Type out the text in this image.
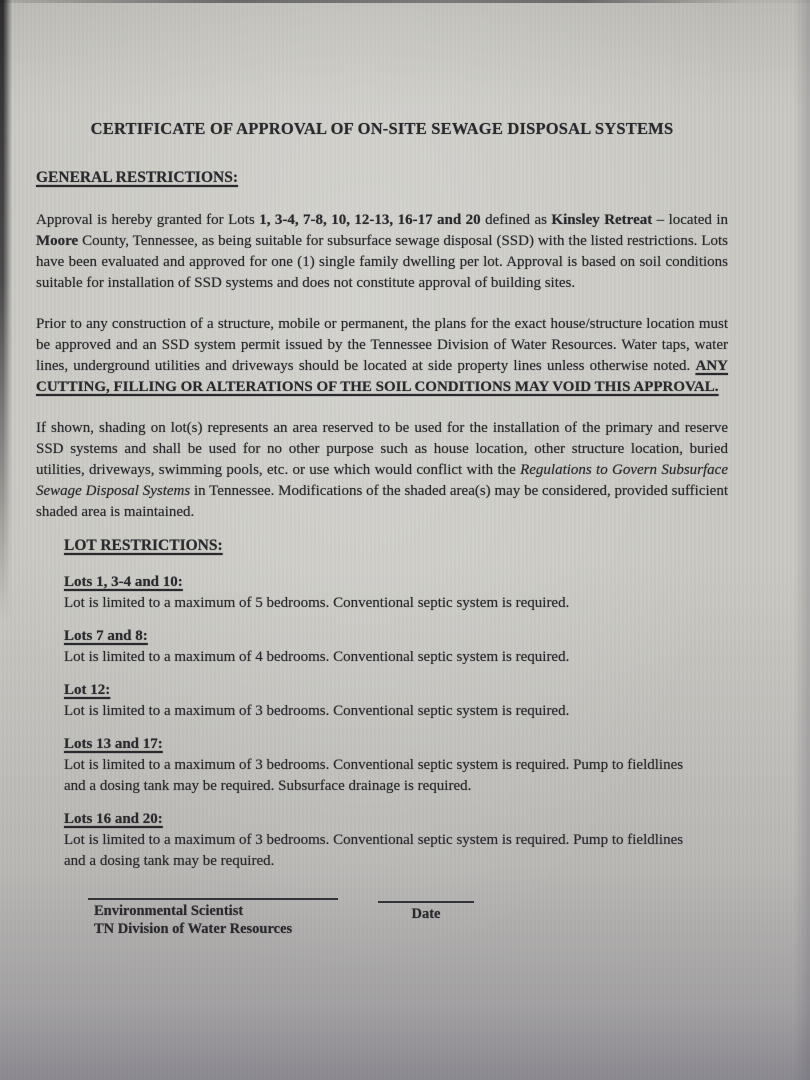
CERTIFICATE OF APPROVAL OF ON-SITE SEWAGE DISPOSAL SYSTEMS
GENERAL RESTRICTIONS:

Approval is hereby granted for Lots 1, 3-4, 7-8, 10, 12-13, 16-17 and 20 defined as Kinsley Retreat – located in Moore County, Tennessee, as being suitable for subsurface sewage disposal (SSD) with the listed restrictions. Lots have been evaluated and approved for one (1) single family dwelling per lot. Approval is based on soil conditions suitable for installation of SSD systems and does not constitute approval of building sites.

Prior to any construction of a structure, mobile or permanent, the plans for the exact house/structure location must be approved and an SSD system permit issued by the Tennessee Division of Water Resources. Water taps, water lines, underground utilities and driveways should be located at side property lines unless otherwise noted. ANY CUTTING, FILLING OR ALTERATIONS OF THE SOIL CONDITIONS MAY VOID THIS APPROVAL.

If shown, shading on lot(s) represents an area reserved to be used for the installation of the primary and reserve SSD systems and shall be used for no other purpose such as house location, other structure location, buried utilities, driveways, swimming pools, etc. or use which would conflict with the Regulations to Govern Subsurface Sewage Disposal Systems in Tennessee. Modifications of the shaded area(s) may be considered, provided sufficient shaded area is maintained.

LOT RESTRICTIONS:
Lots 1, 3-4 and 10:

Lot is limited to a maximum of 5 bedrooms. Conventional septic system is required.

Lots 7 and 8:

Lot is limited to a maximum of 4 bedrooms. Conventional septic system is required.

Lot 12:

Lot is limited to a maximum of 3 bedrooms. Conventional septic system is required.

Lots 13 and 17:

Lot is limited to a maximum of 3 bedrooms. Conventional septic system is required. Pump to fieldlines and a dosing tank may be required. Subsurface drainage is required.

Lots 16 and 20:

Lot is limited to a maximum of 3 bedrooms. Conventional septic system is required. Pump to fieldlines and a dosing tank may be required.

Environmental Scientist
TN Division of Water Resources
Date
